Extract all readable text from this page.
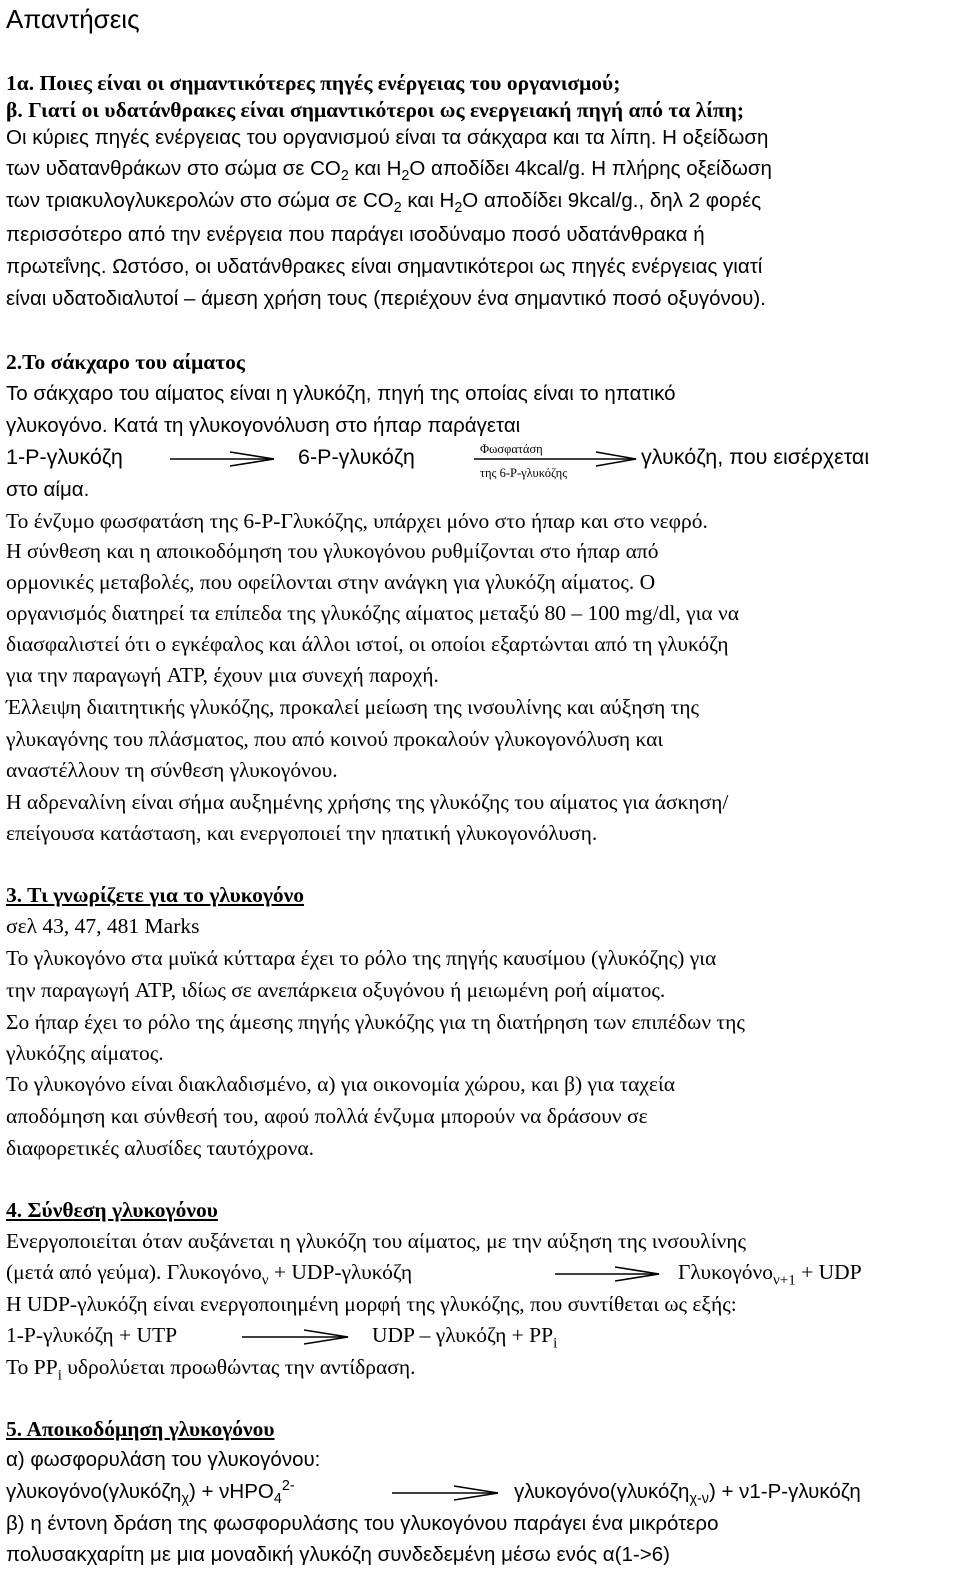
Απαντήσεις
1α. Ποιες είναι οι σημαντικότερες πηγές ενέργειας του οργανισμού;
β. Γιατί οι υδατάνθρακες είναι σημαντικότεροι ως ενεργειακή πηγή από τα λίπη;
Οι κύριες πηγές ενέργειας του οργανισμού είναι τα σάκχαρα και τα λίπη. Η οξείδωση
των υδατανθράκων στο σώμα σε $CO_2$ και $H_2O$ αποδίδει 4kcal/g. Η πλήρης οξείδωση
των τριακυλογλυκερολών στο σώμα σε $CO_2$ και $H_2O$ αποδίδει 9kcal/g., δηλ 2 φορές
περισσότερο από την ενέργεια που παράγει ισοδύναμο ποσό υδατάνθρακα ή
πρωτεΐνης. Ωστόσο, οι υδατάνθρακες είναι σημαντικότεροι ως πηγές ενέργειας γιατί
είναι υδατοδιαλυτοί – άμεση χρήση τους (περιέχουν ένα σημαντικό ποσό οξυγόνου).
2.Το σάκχαρο του αίματος
Το σάκχαρο του αίματος είναι η γλυκόζη, πηγή της οποίας είναι το ηπατικό
γλυκογόνο. Κατά τη γλυκογονόλυση στο ήπαρ παράγεται
1-Ρ-γλυκόζη	6-Ρ-γλυκόζη	Φωσφατάση
της 6-Ρ-γλυκόζης
γλυκόζη, που εισέρχεται
στο αίμα.
Το ένζυμο φωσφατάση της 6-Ρ-Γλυκόζης, υπάρχει μόνο στο ήπαρ και στο νεφρό.
Η σύνθεση και η αποικοδόμηση του γλυκογόνου ρυθμίζονται στο ήπαρ από
ορμονικές μεταβολές, που οφείλονται στην ανάγκη για γλυκόζη αίματος. Ο
οργανισμός διατηρεί τα επίπεδα της γλυκόζης αίματος μεταξύ 80 – 100 mg/dl, για να
διασφαλιστεί ότι ο εγκέφαλος και άλλοι ιστοί, οι οποίοι εξαρτώνται από τη γλυκόζη
για την παραγωγή ATP, έχουν μια συνεχή παροχή.
Έλλειψη διαιτητικής γλυκόζης, προκαλεί μείωση της ινσουλίνης και αύξηση της
γλυκαγόνης του πλάσματος, που από κοινού προκαλούν γλυκογονόλυση και
αναστέλλουν τη σύνθεση γλυκογόνου.
Η αδρεναλίνη είναι σήμα αυξημένης χρήσης της γλυκόζης του αίματος για άσκηση/
επείγουσα κατάσταση, και ενεργοποιεί την ηπατική γλυκογονόλυση.
3. Τι γνωρίζετε για το γλυκογόνο
σελ 43, 47, 481 Marks
Το γλυκογόνο στα μυϊκά κύτταρα έχει το ρόλο της πηγής καυσίμου (γλυκόζης) για
την παραγωγή ATP, ιδίως σε ανεπάρκεια οξυγόνου ή μειωμένη ροή αίματος.
Σο ήπαρ έχει το ρόλο της άμεσης πηγής γλυκόζης για τη διατήρηση των επιπέδων της
γλυκόζης αίματος.
Το γλυκογόνο είναι διακλαδισμένο, α) για οικονομία χώρου, και β) για ταχεία
αποδόμηση και σύνθεσή του, αφού πολλά ένζυμα μπορούν να δράσουν σε
διαφορετικές αλυσίδες ταυτόχρονα.
4. Σύνθεση γλυκογόνου
Ενεργοποιείται όταν αυξάνεται η γλυκόζη του αίματος, με την αύξηση της ινσουλίνης
(μετά από γεύμα). Γλυκογόνο$_\nu$ + UDP-γλυκόζη	Γλυκογόνο$_{\nu+1}$ + UDP
Η UDP-γλυκόζη είναι ενεργοποιημένη μορφή της γλυκόζης, που συντίθεται ως εξής:
1-Ρ-γλυκόζη + UTP	UDP – $\gamma\lambda\upsilon\kappa ό\zeta\eta + PP_i$
Το $PP_i$ υδρολύεται προωθώντας την αντίδραση.
5. Αποικοδόμηση γλυκογόνου
α) φωσφορυλάση του γλυκογόνου:
γλυκογόνο(γλυκόζη$_\chi$) + νHPO$_4^{2-}$	γλυκογόνο(γλυκόζη$_{\chi-\nu}$) + ν1-Ρ-γλυκόζη
β) η έντονη δράση της φωσφορυλάσης του γλυκογόνου παράγει ένα μικρότερο
πολυσακχαρίτη με μια μοναδική γλυκόζη συνδεδεμένη μέσω ενός α(1->6)
